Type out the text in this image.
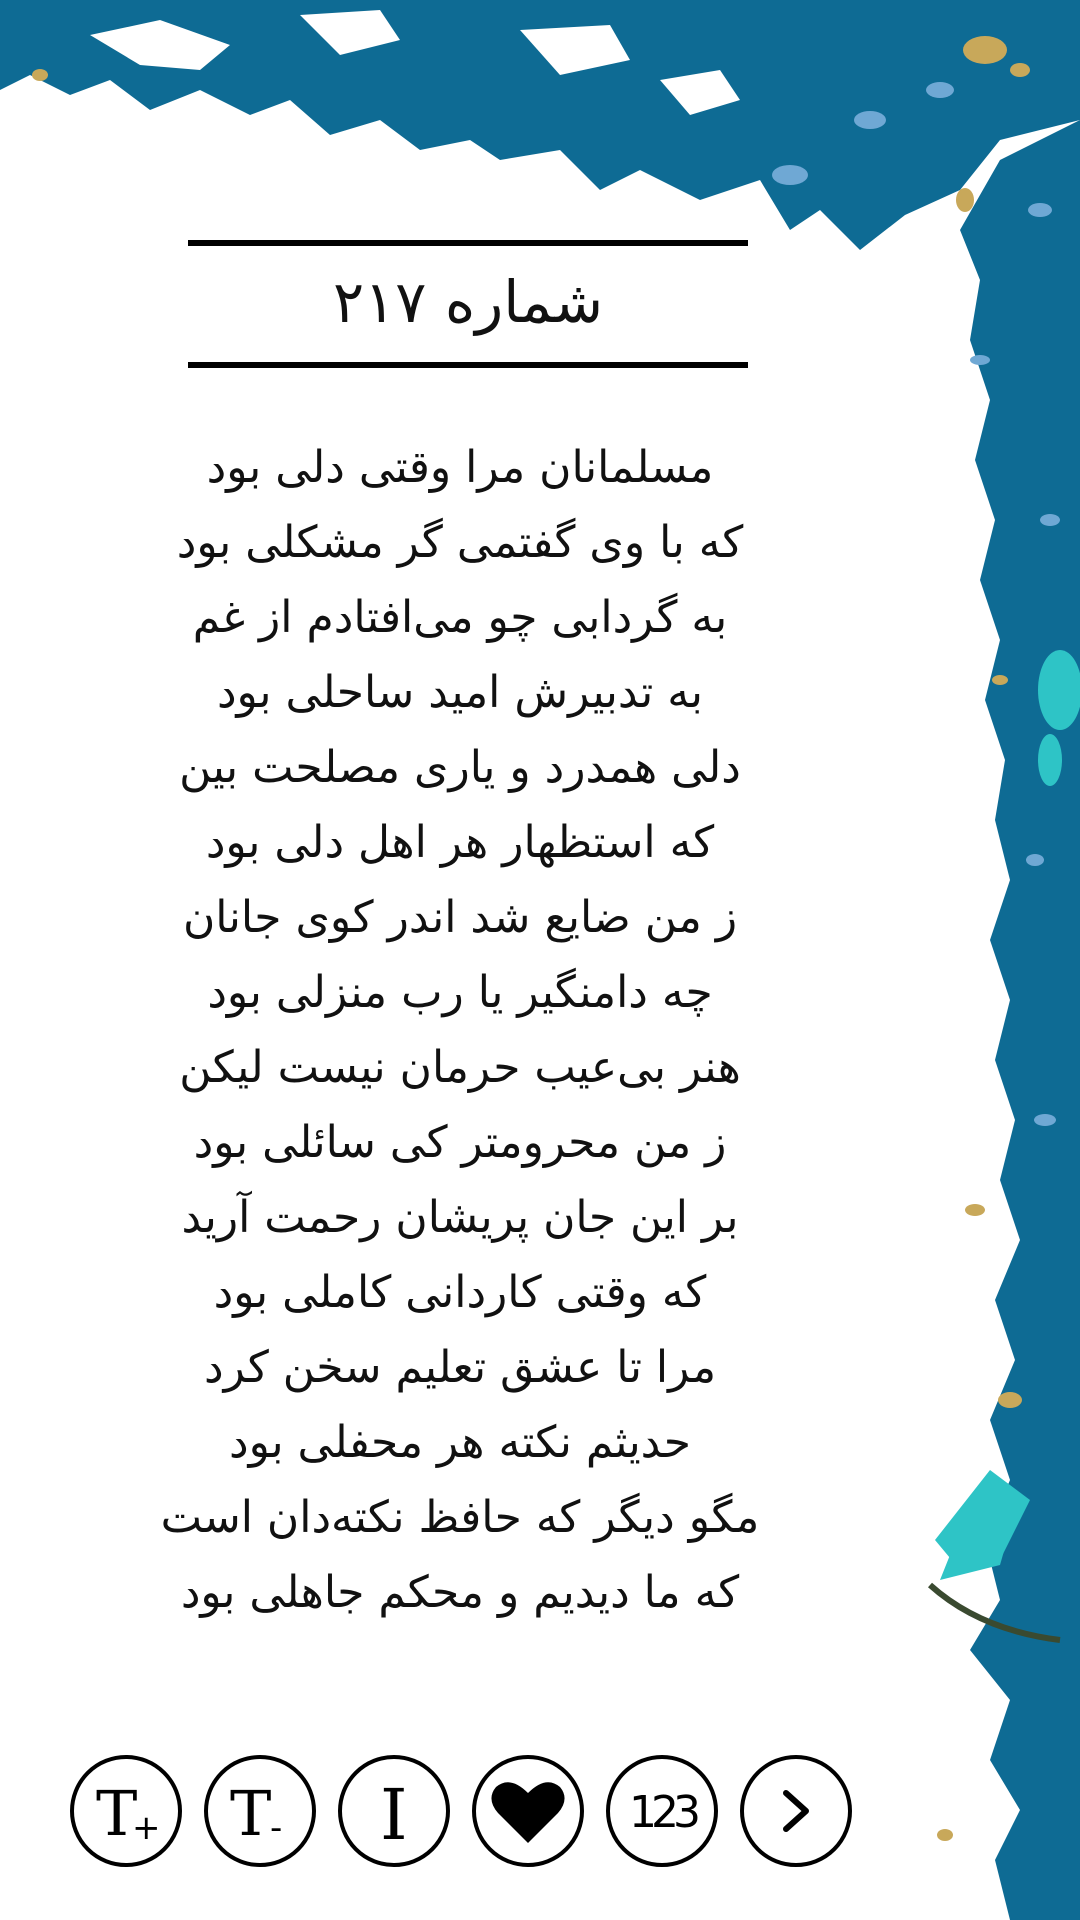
شماره ۲۱۷
مسلمانان مرا وقتی دلی بود
که با وی گفتمی گر مشکلی بود
به گردابی چو می‌افتادم از غم
به تدبیرش امید ساحلی بود
دلی همدرد و یاری مصلحت بین
که استظهار هر اهل دلی بود
ز من ضایع شد اندر کوی جانان
چه دامنگیر یا رب منزلی بود
هنر بی‌عیب حرمان نیست لیکن
ز من محرومتر کی سائلی بود
بر این جان پریشان رحمت آرید
که وقتی کاردانی کاملی بود
مرا تا عشق تعلیم سخن کرد
حدیثم نکته هر محفلی بود
مگو دیگر که حافظ نکته‌دان است
که ما دیدیم و محکم جاهلی بود
T
+ T
- I	123
